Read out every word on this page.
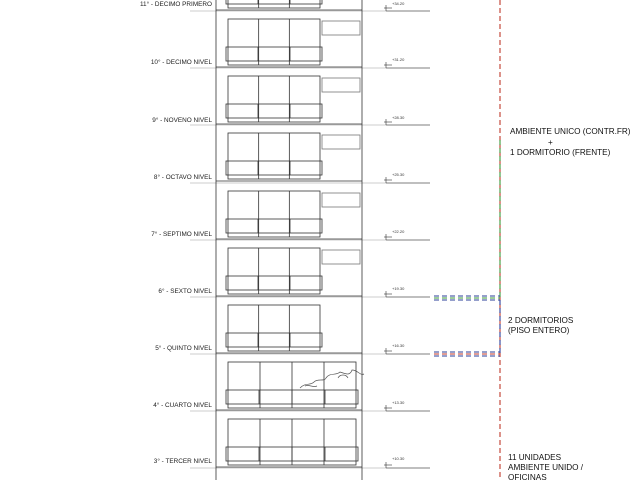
11° - DECIMO PRIMERO
10° - DECIMO NIVEL
9° - NOVENO NIVEL
8° - OCTAVO NIVEL
7° - SEPTIMO NIVEL
6° - SEXTO NIVEL
5° - QUINTO NIVEL
4° - CUARTO NIVEL
3° - TERCER NIVEL
+34.20
+31.20
+28.30
+25.30
+22.20
+19.30
+16.30
+13.30
+10.30
AMBIENTE UNICO (CONTR.FR)
+
1 DORMITORIO (FRENTE)
2 DORMITORIOS
(PISO ENTERO)
11 UNIDADES
AMBIENTE UNIDO /
OFICINAS
